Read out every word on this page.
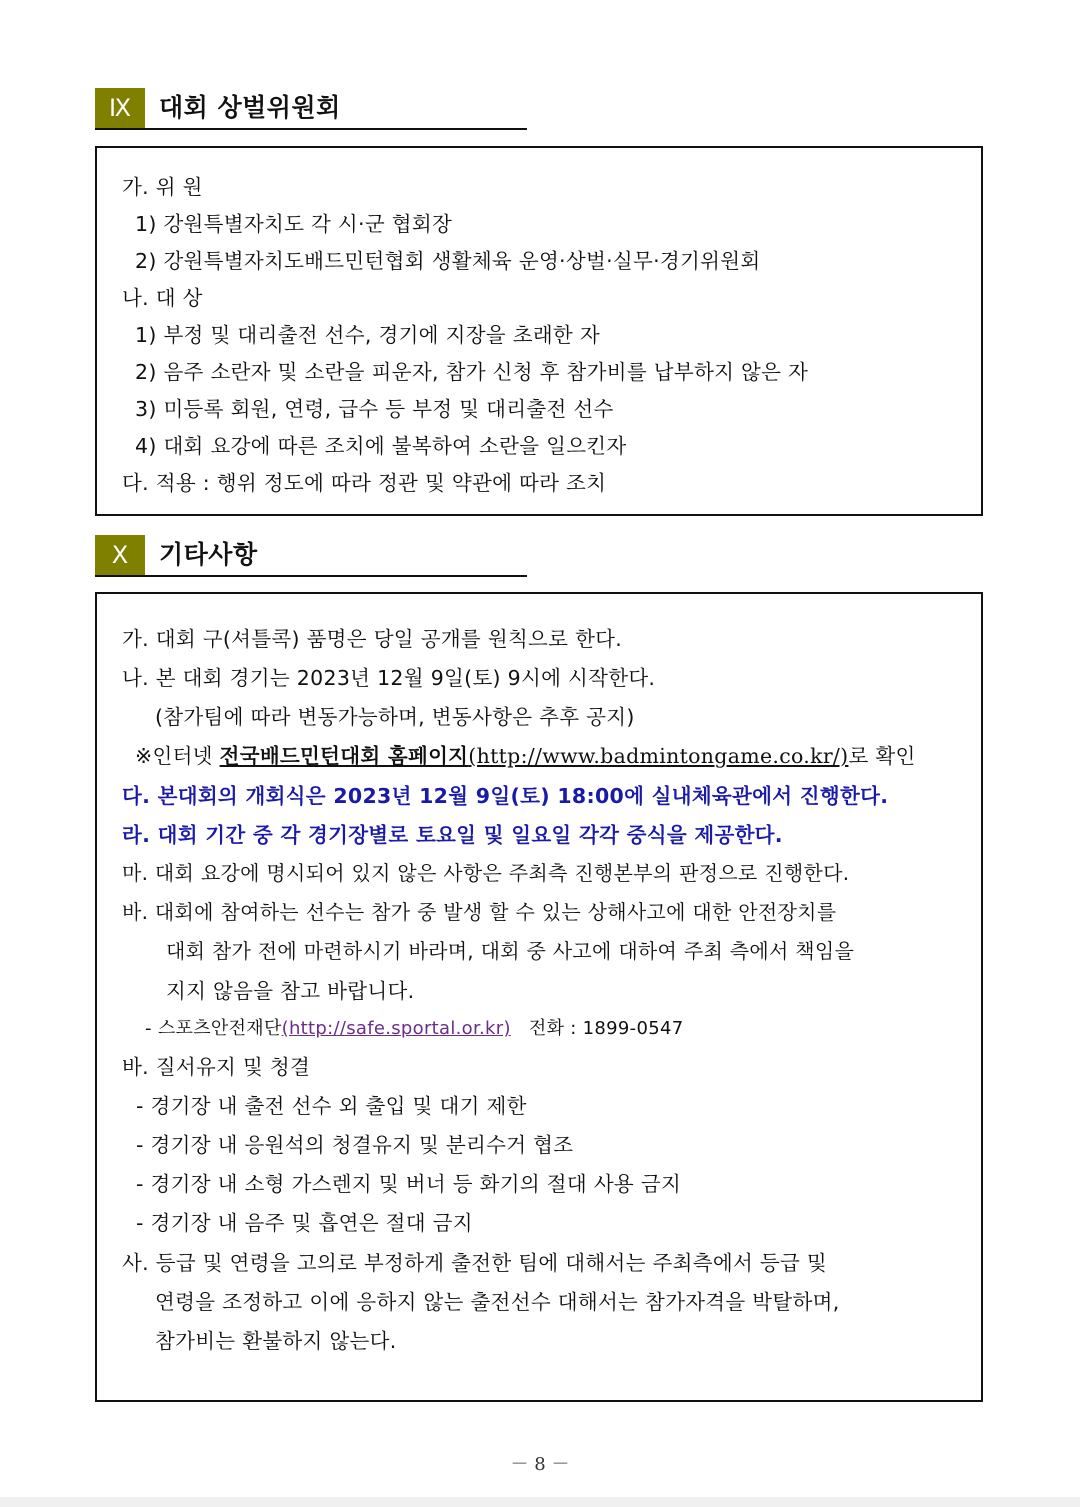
Ⅸ	대회 상벌위원회
가. 위 원
1) 강원특별자치도 각 시·군 협회장
2) 강원특별자치도배드민턴협회 생활체육 운영·상벌·실무·경기위원회
나. 대 상
1) 부정 및 대리출전 선수, 경기에 지장을 초래한 자
2) 음주 소란자 및 소란을 피운자, 참가 신청 후 참가비를 납부하지 않은 자
3) 미등록 회원, 연령, 급수 등 부정 및 대리출전 선수
4) 대회 요강에 따른 조치에 불복하여 소란을 일으킨자
다. 적용 : 행위 정도에 따라 정관 및 약관에 따라 조치
Ⅹ	기타사항
가. 대회 구(셔틀콕) 품명은 당일 공개를 원칙으로 한다.
나. 본 대회 경기는 2023년 12월 9일(토) 9시에 시작한다.
(참가팀에 따라 변동가능하며, 변동사항은 추후 공지)
※인터넷 전국배드민턴대회 홈페이지(http://www.badmintongame.co.kr/)로 확인
다. 본대회의 개회식은 2023년 12월 9일(토) 18:00에 실내체육관에서 진행한다.
라. 대회 기간 중 각 경기장별로 토요일 및 일요일 각각 중식을 제공한다.
마. 대회 요강에 명시되어 있지 않은 사항은 주최측 진행본부의 판정으로 진행한다.
바. 대회에 참여하는 선수는 참가 중 발생 할 수 있는 상해사고에 대한 안전장치를
대회 참가 전에 마련하시기 바라며, 대회 중 사고에 대하여 주최 측에서 책임을
지지 않음을 참고 바랍니다.
- 스포츠안전재단(http://safe.sportal.or.kr) 전화 : 1899-0547
바. 질서유지 및 청결
- 경기장 내 출전 선수 외 출입 및 대기 제한
- 경기장 내 응원석의 청결유지 및 분리수거 협조
- 경기장 내 소형 가스렌지 및 버너 등 화기의 절대 사용 금지
- 경기장 내 음주 및 흡연은 절대 금지
사. 등급 및 연령을 고의로 부정하게 출전한 팀에 대해서는 주최측에서 등급 및
연령을 조정하고 이에 응하지 않는 출전선수 대해서는 참가자격을 박탈하며,
참가비는 환불하지 않는다.
－ 8 －
